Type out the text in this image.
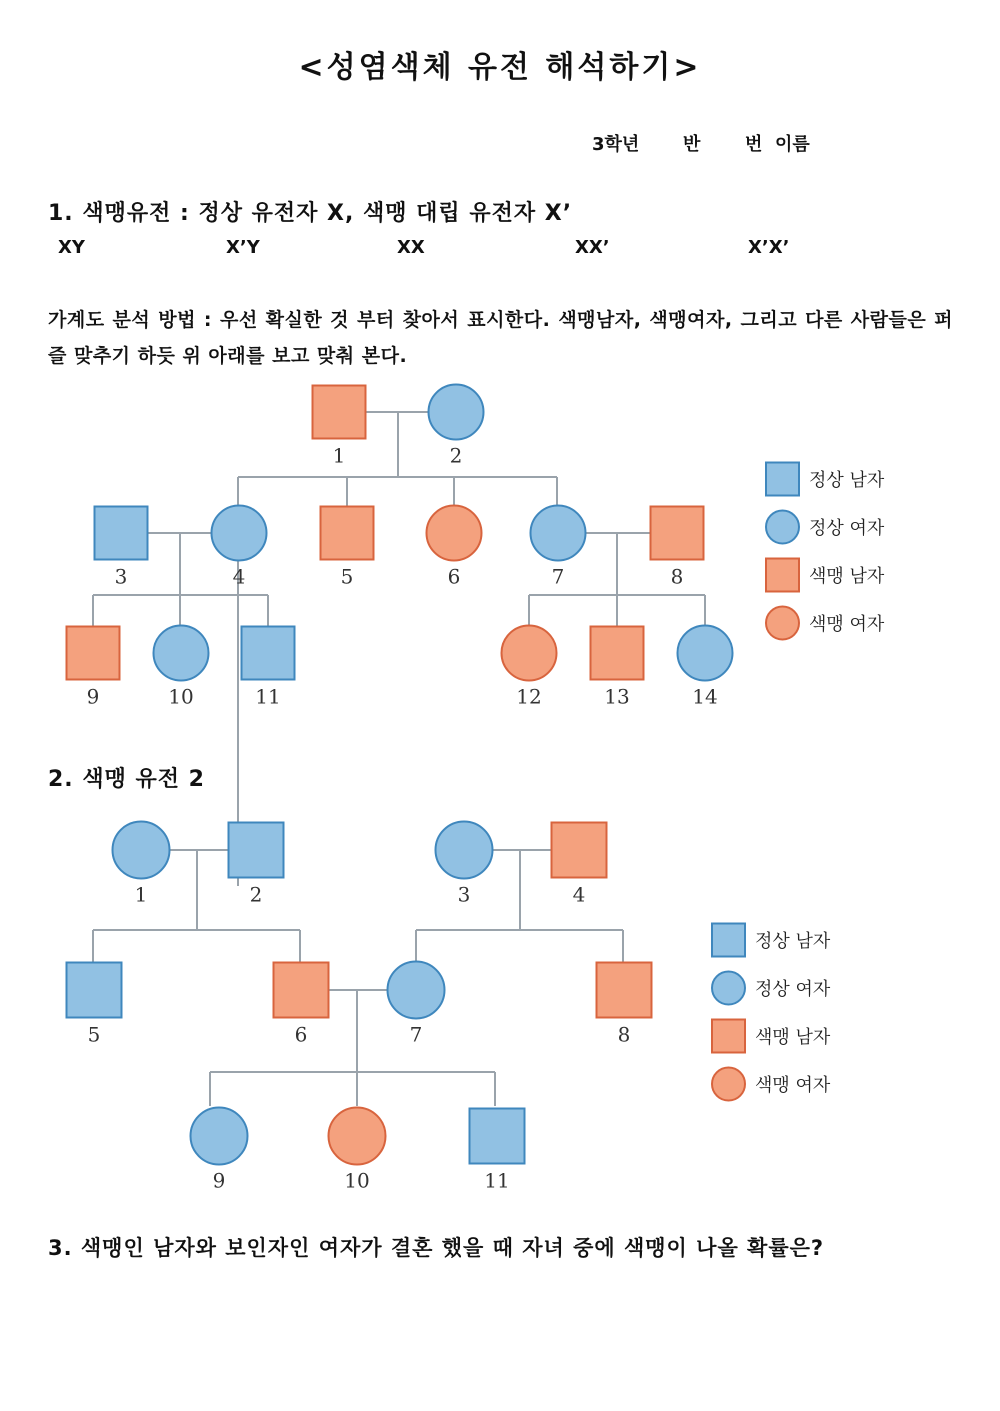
<성염색체 유전 해석하기>
3학년 반 번 이름
1. 색맹유전 : 정상 유전자 X, 색맹 대립 유전자 X’
XY	X’Y	XX	XX’	X’X’
가계도 분석 방법 : 우선 확실한 것 부터 찾아서 표시한다. 색맹남자, 색맹여자, 그리고 다른 사람들은 퍼즐 맞추기 하듯 위 아래를 보고 맞춰 본다.
1	2
3	4	5	6	7	8
9	10	11	12	13	14
정상 남자
정상 여자
색맹 남자
색맹 여자
2. 색맹 유전 2
1	2	3	4
5	6	7	8
9	10	11
정상 남자
정상 여자
색맹 남자
색맹 여자
3. 색맹인 남자와 보인자인 여자가 결혼 했을 때 자녀 중에 색맹이 나올 확률은?
